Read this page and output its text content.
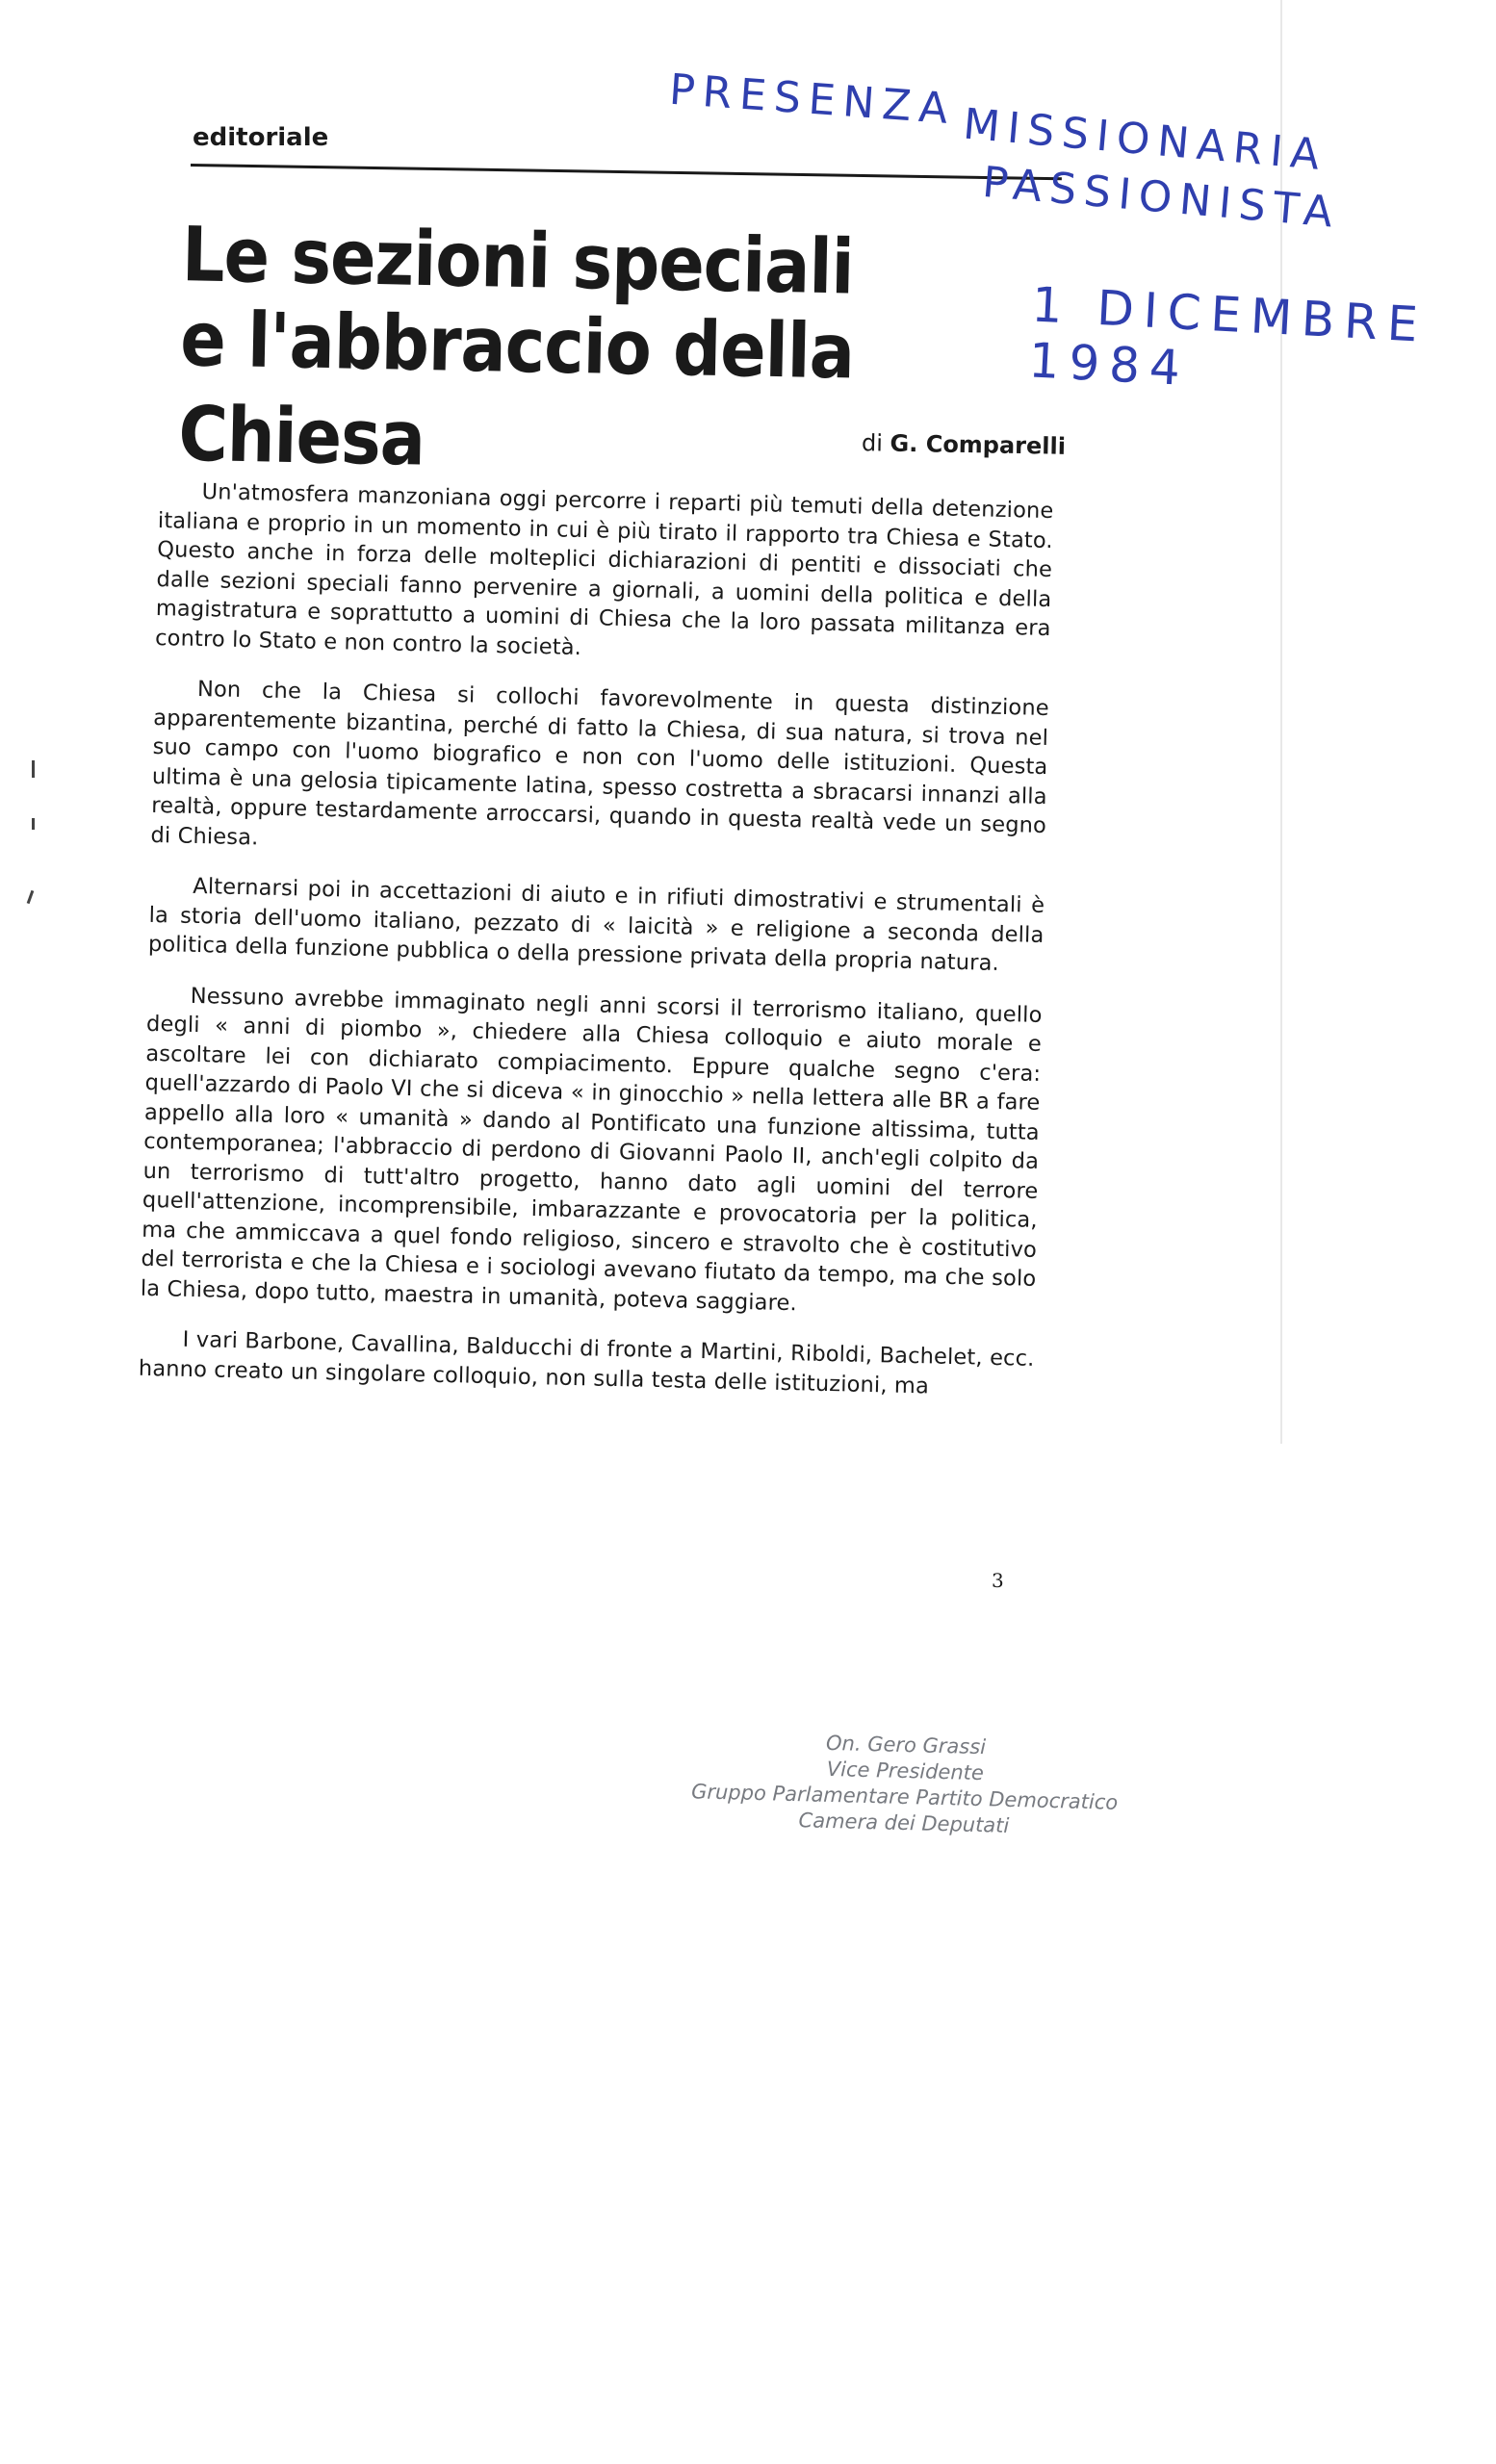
editoriale
PRESENZA
MISSIONARIA
PASSIONISTA
1 DICEMBRE 1984
Le sezioni speciali
e l'abbraccio della Chiesa	di G. Comparelli

Un'atmosfera manzoniana oggi percorre i reparti più temuti della detenzione italiana e proprio in un momento in cui è più tirato il rapporto tra Chiesa e Stato. Questo anche in forza delle molteplici dichiarazioni di pentiti e dissociati che dalle sezioni speciali fanno pervenire a giornali, a uomini della politica e della magistratura e soprattutto a uomini di Chiesa che la loro passata militanza era contro lo Stato e non contro la società.

Non che la Chiesa si collochi favorevolmente in questa distinzione apparentemente bizantina, perché di fatto la Chiesa, di sua natura, si trova nel suo campo con l'uomo biografico e non con l'uomo delle istituzioni. Questa ultima è una gelosia tipicamente latina, spesso costretta a sbracarsi innanzi alla realtà, oppure testardamente arroccarsi, quando in questa realtà vede un segno di Chiesa.

Alternarsi poi in accettazioni di aiuto e in rifiuti dimostrativi e strumentali è la storia dell'uomo italiano, pezzato di « laicità » e religione a seconda della politica della funzione pubblica o della pressione privata della propria natura.

Nessuno avrebbe immaginato negli anni scorsi il terrorismo italiano, quello degli « anni di piombo », chiedere alla Chiesa colloquio e aiuto morale e ascoltare lei con dichiarato compiacimento. Eppure qualche segno c'era: quell'azzardo di Paolo VI che si diceva « in ginocchio » nella lettera alle BR a fare appello alla loro « umanità » dando al Pontificato una funzione altissima, tutta contemporanea; l'abbraccio di perdono di Giovanni Paolo II, anch'egli colpito da un terrorismo di tutt'altro progetto, hanno dato agli uomini del terrore quell'attenzione, incomprensibile, imbarazzante e provocatoria per la politica, ma che ammiccava a quel fondo religioso, sincero e stravolto che è costitutivo del terrorista e che la Chiesa e i sociologi avevano fiutato da tempo, ma che solo la Chiesa, dopo tutto, maestra in umanità, poteva saggiare.

I vari Barbone, Cavallina, Balducchi di fronte a Martini, Riboldi, Bachelet, ecc. hanno creato un singolare colloquio, non sulla testa delle istituzioni, ma

3
On. Gero Grassi
Vice Presidente
Gruppo Parlamentare Partito Democratico
Camera dei Deputati
